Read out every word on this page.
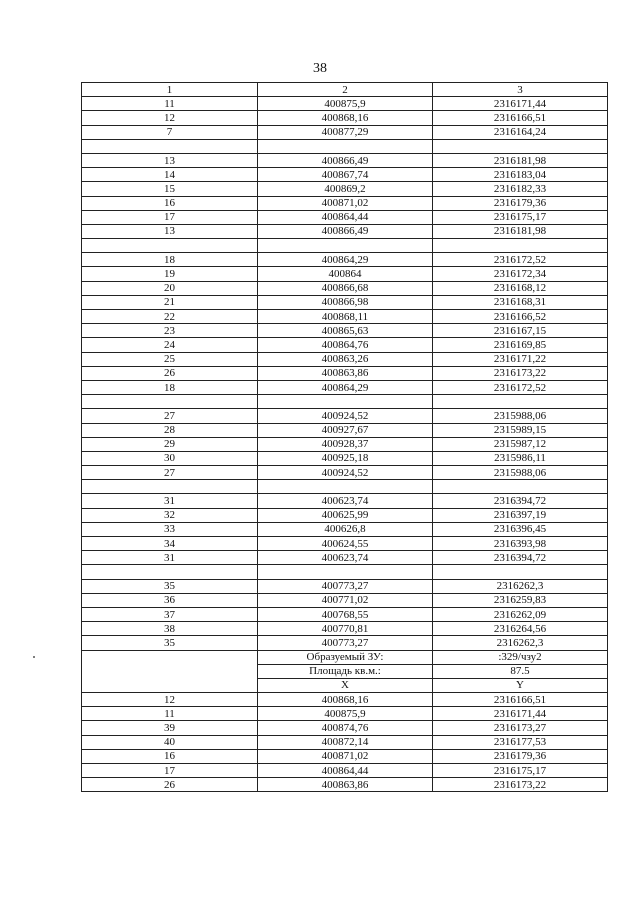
38
1	2	3
11	400875,9	2316171,44
12	400868,16	2316166,51
7	400877,29	2316164,24

13	400866,49	2316181,98
14	400867,74	2316183,04
15	400869,2	2316182,33
16	400871,02	2316179,36
17	400864,44	2316175,17
13	400866,49	2316181,98

18	400864,29	2316172,52
19	400864	2316172,34
20	400866,68	2316168,12
21	400866,98	2316168,31
22	400868,11	2316166,52
23	400865,63	2316167,15
24	400864,76	2316169,85
25	400863,26	2316171,22
26	400863,86	2316173,22
18	400864,29	2316172,52

27	400924,52	2315988,06
28	400927,67	2315989,15
29	400928,37	2315987,12
30	400925,18	2315986,11
27	400924,52	2315988,06

31	400623,74	2316394,72
32	400625,99	2316397,19
33	400626,8	2316396,45
34	400624,55	2316393,98
31	400623,74	2316394,72

35	400773,27	2316262,3
36	400771,02	2316259,83
37	400768,55	2316262,09
38	400770,81	2316264,56
35	400773,27	2316262,3
	Образуемый ЗУ:	:329/чзу2
	Площадь кв.м.:	87.5
	X	Y
12	400868,16	2316166,51
11	400875,9	2316171,44
39	400874,76	2316173,27
40	400872,14	2316177,53
16	400871,02	2316179,36
17	400864,44	2316175,17
26	400863,86	2316173,22
